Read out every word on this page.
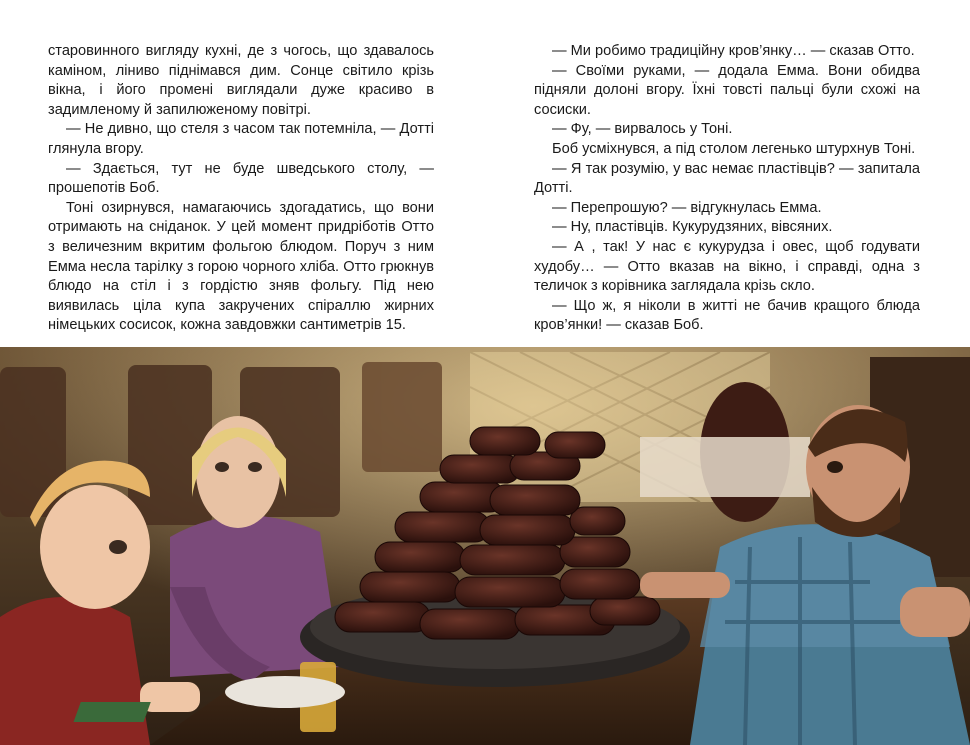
старовинного вигляду кухні, де з чогось, що здавалось каміном, ліниво піднімався дим. Сонце світило крізь вікна, і його промені виглядали дуже красиво в задимленому й запилюженому повітрі.

— Не дивно, що стеля з часом так потемніла, — Дотті глянула вгору.

— Здається, тут не буде шведського столу, — прошепотів Боб.

Тоні озирнувся, намагаючись здогадатись, що вони отримають на сніданок. У цей момент придріботів Отто з величезним вкритим фольгою блюдом. Поруч з ним Емма несла тарілку з горою чорного хліба. Отто грюкнув блюдо на стіл і з гордістю зняв фольгу. Під нею виявилась ціла купа закручених спіраллю жирних німецьких сосисок, кожна завдовжки сантиметрів 15.

— Ми робимо традиційну кров’янку… — сказав Отто.

— Своїми руками, — додала Емма. Вони обидва підняли долоні вгору. Їхні товсті пальці були схожі на сосиски.

— Фу, — вирвалось у Тоні.

Боб усміхнувся, а під столом легенько штурхнув Тоні.

— Я так розумію, у вас немає пластівців? — запитала Дотті.

— Перепрошую? — відгукнулась Емма.

— Ну, пластівців. Кукурудзяних, вівсяних.

— А , так! У нас є кукурудза і овес, щоб годувати худобу… — Отто вказав на вікно, і справді, одна з теличок з корівника заглядала крізь скло.

— Що ж, я ніколи в житті не бачив кращого блюда кров’янки! — сказав Боб.
